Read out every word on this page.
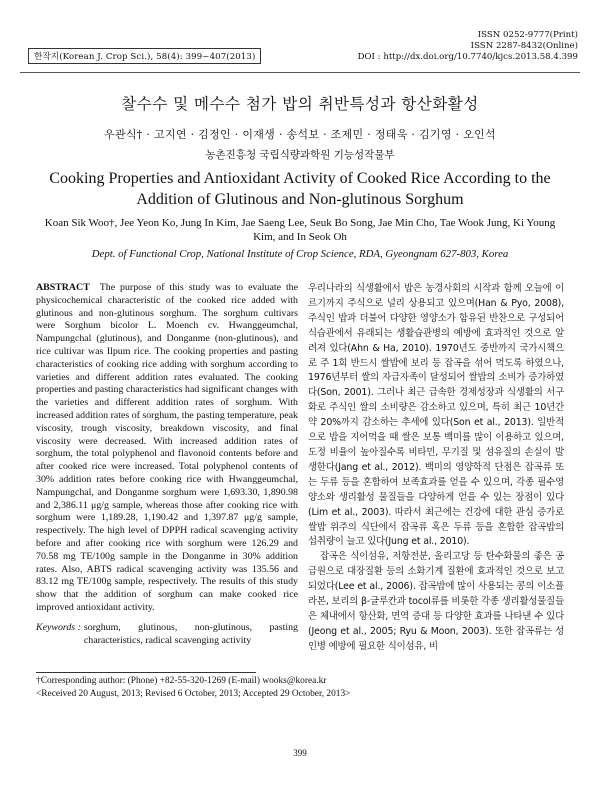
한작지(Korean J. Crop Sci.), 58(4): 399~407(2013)
ISSN 0252-9777(Print)
ISSN 2287-8432(Online)
DOI : http://dx.doi.org/10.7740/kjcs.2013.58.4.399
찰수수 및 메수수 첨가 밥의 취반특성과 항산화활성
우관식† · 고지연 · 김정인 · 이재생 · 송석보 · 조제민 · 정태욱 · 김기영 · 오인석
농촌진흥청 국립식량과학원 기능성작물부
Cooking Properties and Antioxidant Activity of Cooked Rice According to the Addition of Glutinous and Non-glutinous Sorghum
Koan Sik Woo†, Jee Yeon Ko, Jung In Kim, Jae Saeng Lee, Seuk Bo Song, Jae Min Cho, Tae Wook Jung, Ki Young Kim, and In Seok Oh
Dept. of Functional Crop, National Institute of Crop Science, RDA, Gyeongnam 627-803, Korea
ABSTRACT The purpose of this study was to evaluate the physicochemical characteristic of the cooked rice added with glutinous and non-glutinous sorghum. The sorghum cultivars were Sorghum bicolor L. Moench cv. Hwanggeumchal, Nampungchal (glutinous), and Donganme (non-glutinous), and rice cultivar was Ilpum rice. The cooking properties and pasting characteristics of cooking rice adding with sorghum according to varieties and different addition rates evaluated. The cooking properties and pasting characteristics had significant changes with the varieties and different addition rates of sorghum. With increased addition rates of sorghum, the pasting temperature, peak viscosity, trough viscosity, breakdown viscosity, and final viscosity were decreased. With increased addition rates of sorghum, the total polyphenol and flavonoid contents before and after cooked rice were increased. Total polyphenol contents of 30% addition rates before cooking rice with Hwanggeumchal, Nampungchal, and Donganme sorghum were 1,693.30, 1,890.98 and 2,386.11 μg/g sample, whereas those after cooking rice with sorghum were 1,189.28, 1,190.42 and 1,397.87 μg/g sample, respectively. The high level of DPPH radical scavenging activity before and after cooking rice with sorghum were 126.29 and 70.58 mg TE/100g sample in the Donganme in 30% addition rates. Also, ABTS radical scavenging activity was 135.56 and 83.12 mg TE/100g sample, respectively. The results of this study show that the addition of sorghum can make cooked rice improved antioxidant activity.
Keywords : sorghum, glutinous, non-glutinous, pasting characteristics, radical scavenging activity

우리나라의 식생활에서 밥은 농경사회의 시작과 함께 오늘에 이르기까지 주식으로 널리 상용되고 있으며(Han & Pyo, 2008), 주식인 밥과 더불어 다양한 영양소가 함유된 반찬으로 구성되어 식습관에서 유래되는 생활습관병의 예방에 효과적인 것으로 알려져 있다(Ahn & Ha, 2010). 1970년도 중반까지 국가시책으로 주 1회 반드시 쌀밥에 보리 등 잡곡을 섞어 먹도록 하였으나, 1976년부터 쌀의 자급자족이 달성되어 쌀밥의 소비가 증가하였다(Son, 2001). 그러나 최근 급속한 경제성장과 식생활의 서구화로 주식인 쌀의 소비량은 감소하고 있으며, 특히 최근 10년간 약 20%까지 감소하는 추세에 있다(Son et al., 2013). 일반적으로 밥을 지어먹을 때 쌀은 보통 백미를 많이 이용하고 있으며, 도정 비율이 높아질수록 비타민, 무기질 및 섬유질의 손실이 발생한다(Jang et al., 2012). 백미의 영양학적 단점은 잡곡류 또는 두류 등을 혼합하여 보족효과를 얻을 수 있으며, 각종 필수영양소와 생리활성 물질들을 다양하게 얻을 수 있는 장점이 있다(Lim et al., 2003). 따라서 최근에는 건강에 대한 관심 증가로 쌀밥 위주의 식단에서 잡곡류 혹은 두류 등을 혼합한 잡곡밥의 섭취량이 늘고 있다(Jung et al., 2010).

잡곡은 식이섬유, 저항전분, 올리고당 등 탄수화물의 좋은 공급원으로 대장질환 등의 소화기계 질환에 효과적인 것으로 보고되었다(Lee et al., 2006). 잡곡밥에 많이 사용되는 콩의 이소플라본, 보리의 β-글루칸과 tocol류를 비롯한 각종 생리활성물질들은 체내에서 항산화, 면역 증대 등 다양한 효과를 나타낸 수 있다(Jeong et al., 2005; Ryu & Moon, 2003). 또한 잡곡류는 성인병 예방에 필요한 식이섬유, 비

†Corresponding author: (Phone) +82-55-320-1269 (E-mail) wooks@korea.kr
<Received 20 August, 2013; Revised 6 October, 2013; Accepted 29 October, 2013>
399
